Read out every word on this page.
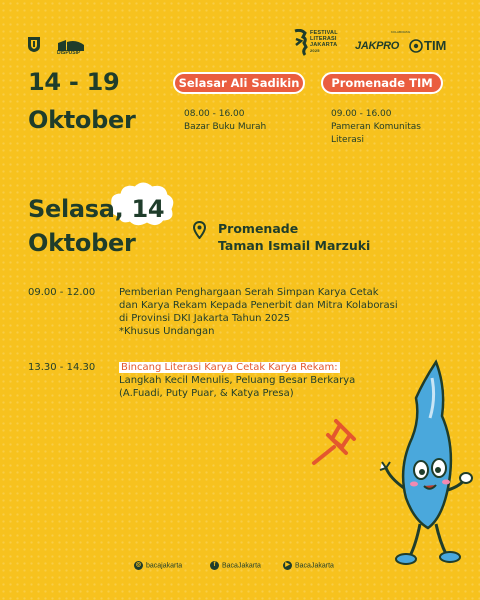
DISPUSIP
FESTIVAL
LITERASI
JAKARTA
2025
KOLABORASI
JAKPRO TIM
14 - 19
Oktober
Selasar Ali Sadikin	Promenade TIM
08.00 - 16.00
Bazar Buku Murah
09.00 - 16.00
Pameran Komunitas
Literasi
Selasa, 14
Oktober
Promenade
Taman Ismail Marzuki
09.00 - 12.00 Pemberian Penghargaan Serah Simpan Karya Cetak
dan Karya Rekam Kepada Penerbit dan Mitra Kolaborasi
di Provinsi DKI Jakarta Tahun 2025
*Khusus Undangan
13.30 - 14.30	Bincang Literasi Karya Cetak Karya Rekam:
Langkah Kecil Menulis, Peluang Besar Berkarya
(A.Fuadi, Puty Puar, & Katya Presa)
◎ bacajakarta	f BacaJakarta	▶ BacaJakarta
